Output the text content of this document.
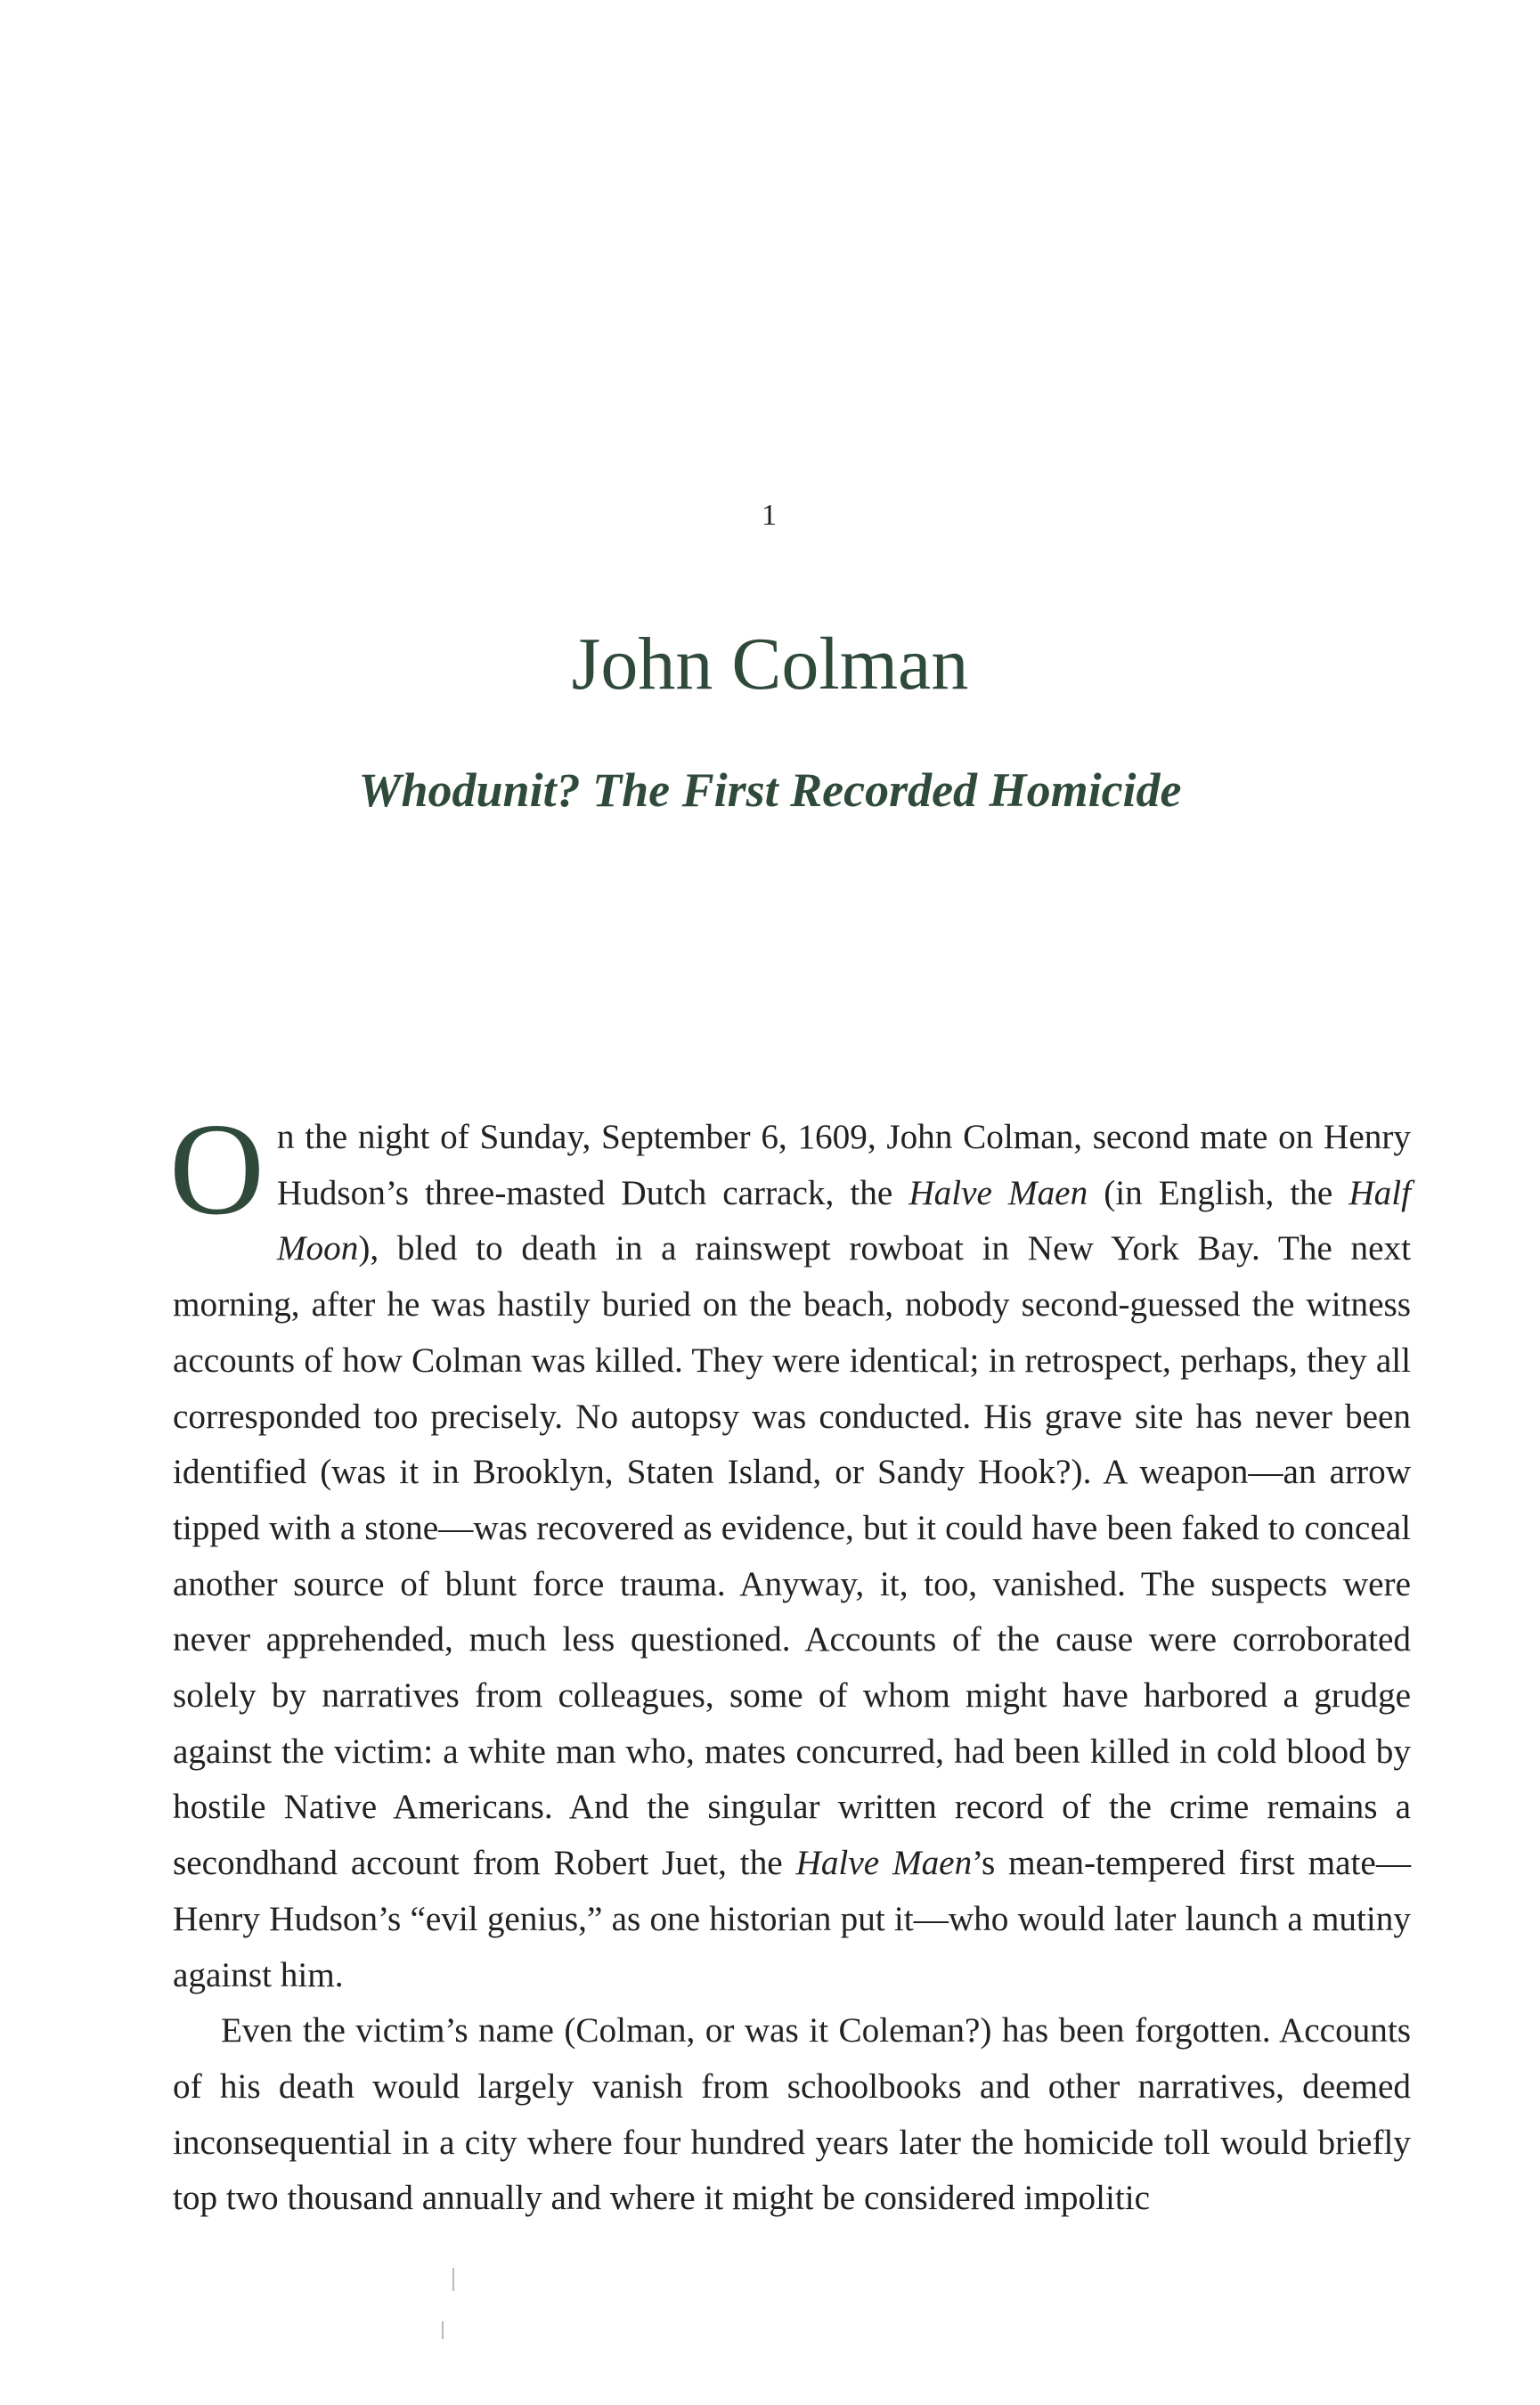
1
John Colman
Whodunit? The First Recorded Homicide

On the night of Sunday, September 6, 1609, John Colman, second mate on Henry Hudson’s three-masted Dutch carrack, the Halve Maen (in English, the Half Moon), bled to death in a rainswept rowboat in New York Bay. The next morning, after he was hastily buried on the beach, nobody second-guessed the witness accounts of how Colman was killed. They were identical; in retrospect, perhaps, they all corresponded too precisely. No autopsy was conducted. His grave site has never been identified (was it in Brooklyn, Staten Island, or Sandy Hook?). A weapon—an arrow tipped with a stone—was recovered as evidence, but it could have been faked to conceal another source of blunt force trauma. Anyway, it, too, vanished. The suspects were never apprehended, much less questioned. Accounts of the cause were corroborated solely by narratives from colleagues, some of whom might have harbored a grudge against the victim: a white man who, mates concurred, had been killed in cold blood by hostile Native Americans. And the singular written record of the crime remains a secondhand account from Robert Juet, the Halve Maen’s mean-tempered first mate—Henry Hudson’s “evil genius,” as one historian put it—who would later launch a mutiny against him.

Even the victim’s name (Colman, or was it Coleman?) has been forgotten. Accounts of his death would largely vanish from schoolbooks and other narratives, deemed inconsequential in a city where four hundred years later the homicide toll would briefly top two thousand annually and where it might be considered impolitic
